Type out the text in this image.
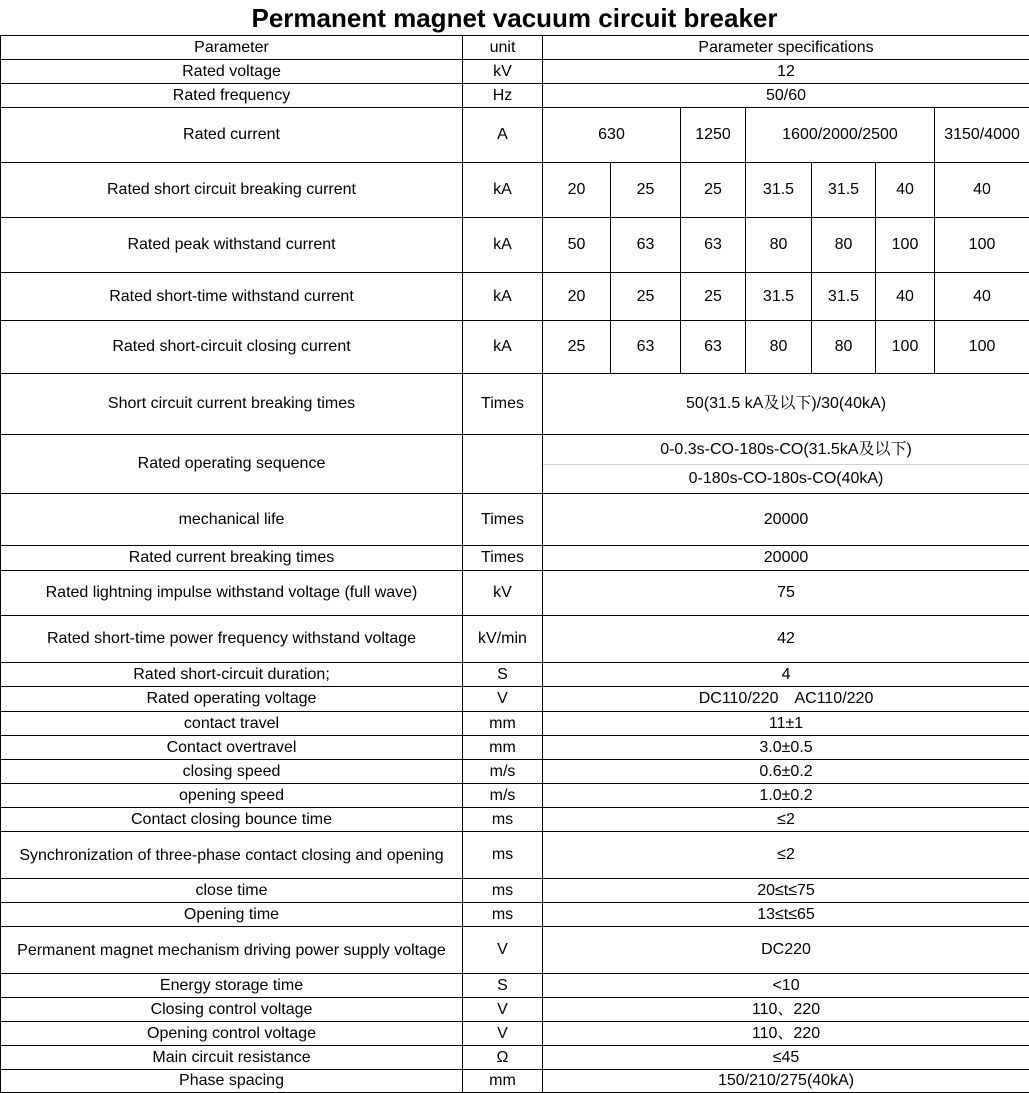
Permanent magnet vacuum circuit breaker
Parameter	unit	Parameter specifications						
Rated voltage	kV	12						
Rated frequency	Hz	50/60						
Rated current	A	630		1250	1600/2000/2500			3150/4000
Rated short circuit breaking current	kA	20	25	25	31.5	31.5	40	40
Rated peak withstand current	kA	50	63	63	80	80	100	100
Rated short-time withstand current	kA	20	25	25	31.5	31.5	40	40
Rated short-circuit closing current	kA	25	63	63	80	80	100	100
Short circuit current breaking times	Times	50(31.5 kA及以下)/30(40kA)						
Rated operating sequence		0-0.3s-CO-180s-CO(31.5kA及以下)						
		0-180s-CO-180s-CO(40kA)						
mechanical life	Times	20000						
Rated current breaking times	Times	20000						
Rated lightning impulse withstand voltage (full wave)	kV	75						
Rated short-time power frequency withstand voltage	kV/min	42						
Rated short-circuit duration;	S	4						
Rated operating voltage	V	DC110/220　AC110/220						
contact travel	mm	11±1						
Contact overtravel	mm	3.0±0.5						
closing speed	m/s	0.6±0.2						
opening speed	m/s	1.0±0.2						
Contact closing bounce time	ms	≤2						
Synchronization of three-phase contact closing and opening	ms	≤2						
close time	ms	20≤t≤75						
Opening time	ms	13≤t≤65						
Permanent magnet mechanism driving power supply voltage	V	DC220						
Energy storage time	S	<10						
Closing control voltage	V	110、220						
Opening control voltage	V	110、220						
Main circuit resistance	Ω	≤45						
Phase spacing	mm	150/210/275(40kA)						
